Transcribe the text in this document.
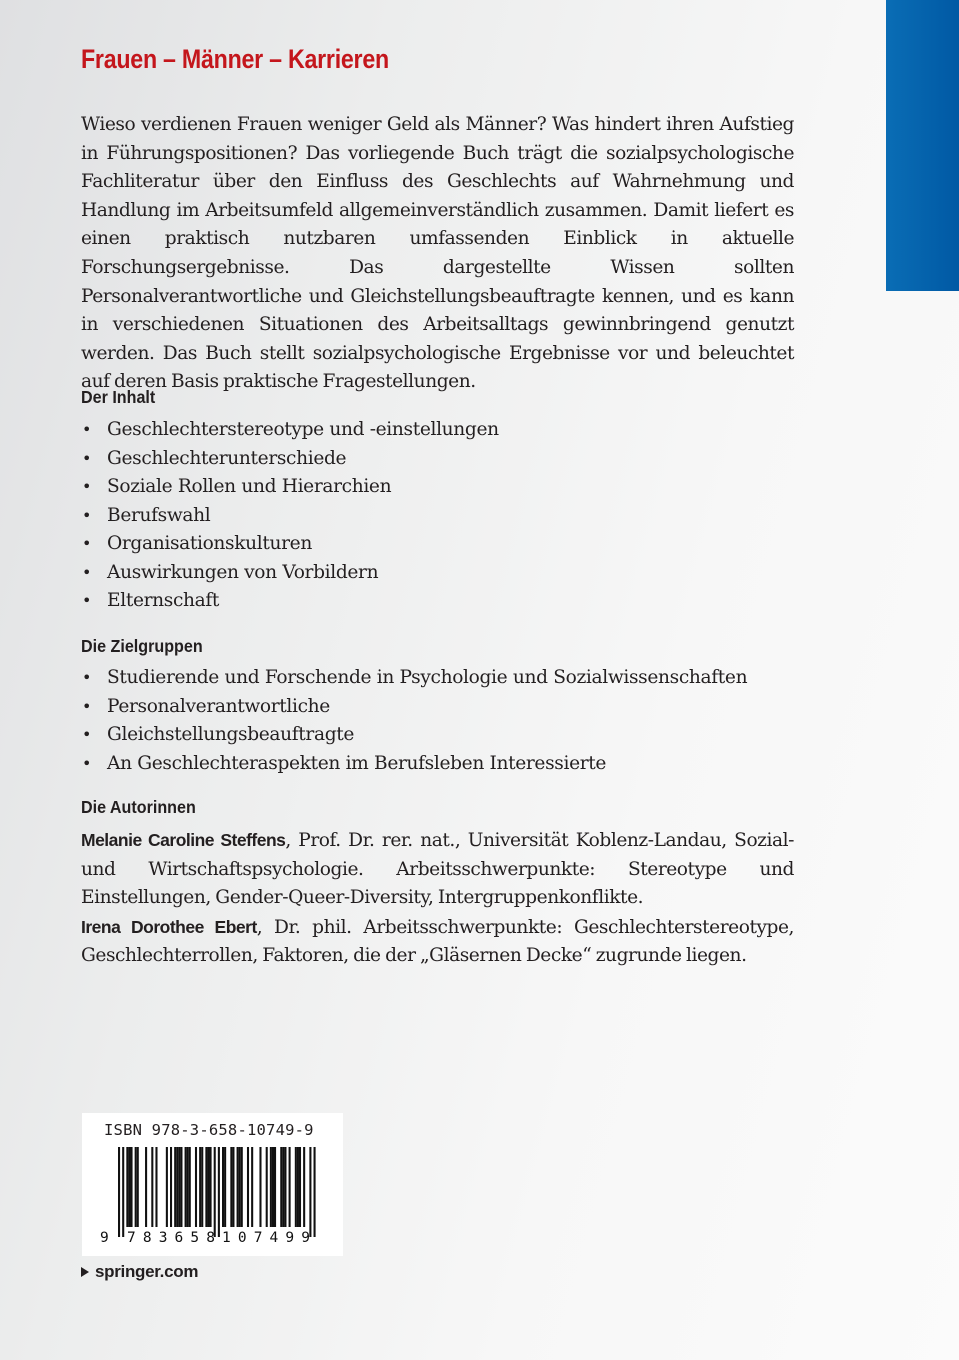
Frauen – Männer – Karrieren

Wieso verdienen Frauen weniger Geld als Männer? Was hindert ihren Aufstieg in Führungspositionen? Das vorliegende Buch trägt die sozialpsychologische Fachliteratur über den Einfluss des Geschlechts auf Wahrnehmung und Handlung im Arbeitsumfeld allgemeinverständlich zusammen. Damit liefert es einen praktisch nutzbaren umfassenden Einblick in aktuelle Forschungsergebnisse. Das dargestellte Wissen sollten Personalverantwortliche und Gleichstellungsbeauftragte kennen, und es kann in verschiedenen Situationen des Arbeitsalltags gewinnbringend genutzt werden. Das Buch stellt sozialpsychologische Ergebnisse vor und beleuchtet auf deren Basis praktische Fragestellungen.

Der Inhalt
• Geschlechterstereotype und -einstellungen
• Geschlechterunterschiede
• Soziale Rollen und Hierarchien
• Berufswahl
• Organisationskulturen
• Auswirkungen von Vorbildern
• Elternschaft
Die Zielgruppen
• Studierende und Forschende in Psychologie und Sozialwissenschaften
• Personalverantwortliche
• Gleichstellungsbeauftragte
• An Geschlechteraspekten im Berufsleben Interessierte
Die Autorinnen

Melanie Caroline Steffens, Prof. Dr. rer. nat., Universität Koblenz-Landau, Sozial- und Wirtschaftspsychologie. Arbeitsschwerpunkte: Stereotype und Einstellungen, Gender-Queer-Diversity, Intergruppenkonflikte.
Irena Dorothee Ebert, Dr. phil. Arbeitsschwerpunkte: Geschlechterstereotype, Geschlechterrollen, Faktoren, die der „Gläsernen Decke“ zugrunde liegen.

ISBN 978-3-658-10749-9
9 783658 107499
springer.com
